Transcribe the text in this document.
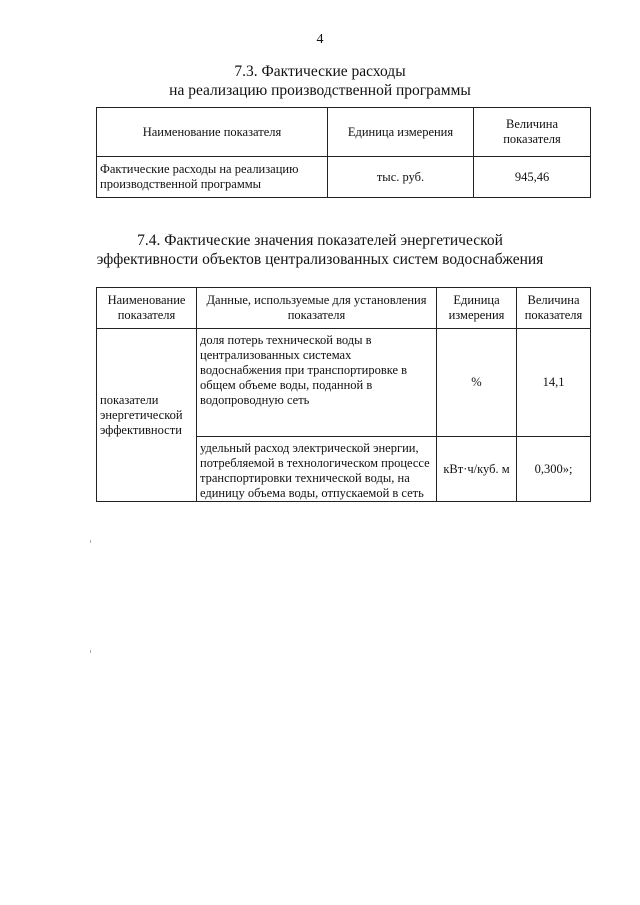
4
7.3. Фактические расходы
на реализацию производственной программы
Наименование показателя	Единица измерения	Величина показателя
Фактические расходы на реализацию производственной программы	тыс. руб.	945,46
7.4. Фактические значения показателей энергетической
эффективности объектов централизованных систем водоснабжения
Наименование показателя	Данные, используемые для установления показателя	Единица измерения	Величина показателя
показатели энергетической эффективности	доля потерь технической воды в централизованных системах водоснабжения при транспортировке в общем объеме воды, поданной в водопроводную сеть	%	14,1
	удельный расход электрической энергии, потребляемой в технологическом процессе транспортировки технической воды, на единицу объема воды, отпускаемой в сеть	кВт·ч/куб. м	0,300»;
